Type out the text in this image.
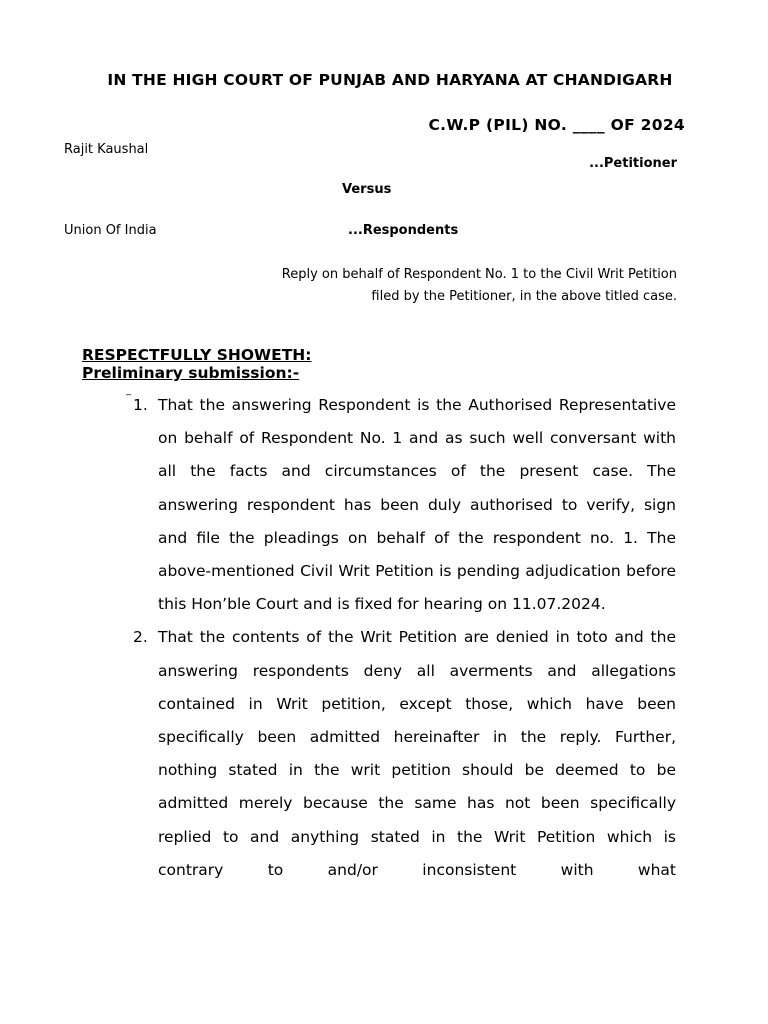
IN THE HIGH COURT OF PUNJAB AND HARYANA AT CHANDIGARH
C.W.P (PIL) NO. ____ OF 2024
Rajit Kaushal
...Petitioner
Versus
Union Of India	...Respondents
Reply on behalf of Respondent No. 1 to the Civil Writ Petition filed by the Petitioner, in the above titled case.
RESPECTFULLY SHOWETH:
Preliminary submission:-
_
1. That the answering Respondent is the Authorised Representative on behalf of Respondent No. 1 and as such well conversant with all the facts and circumstances of the present case. The answering respondent has been duly authorised to verify, sign and file the pleadings on behalf of the respondent no. 1. The above-mentioned Civil Writ Petition is pending adjudication before this Hon’ble Court and is fixed for hearing on 11.07.2024.
2. That the contents of the Writ Petition are denied in toto and the answering respondents deny all averments and allegations contained in Writ petition, except those, which have been specifically been admitted hereinafter in the reply. Further, nothing stated in the writ petition should be deemed to be admitted merely because the same has not been specifically replied to and anything stated in the Writ Petition which is contrary to and/or inconsistent with what
